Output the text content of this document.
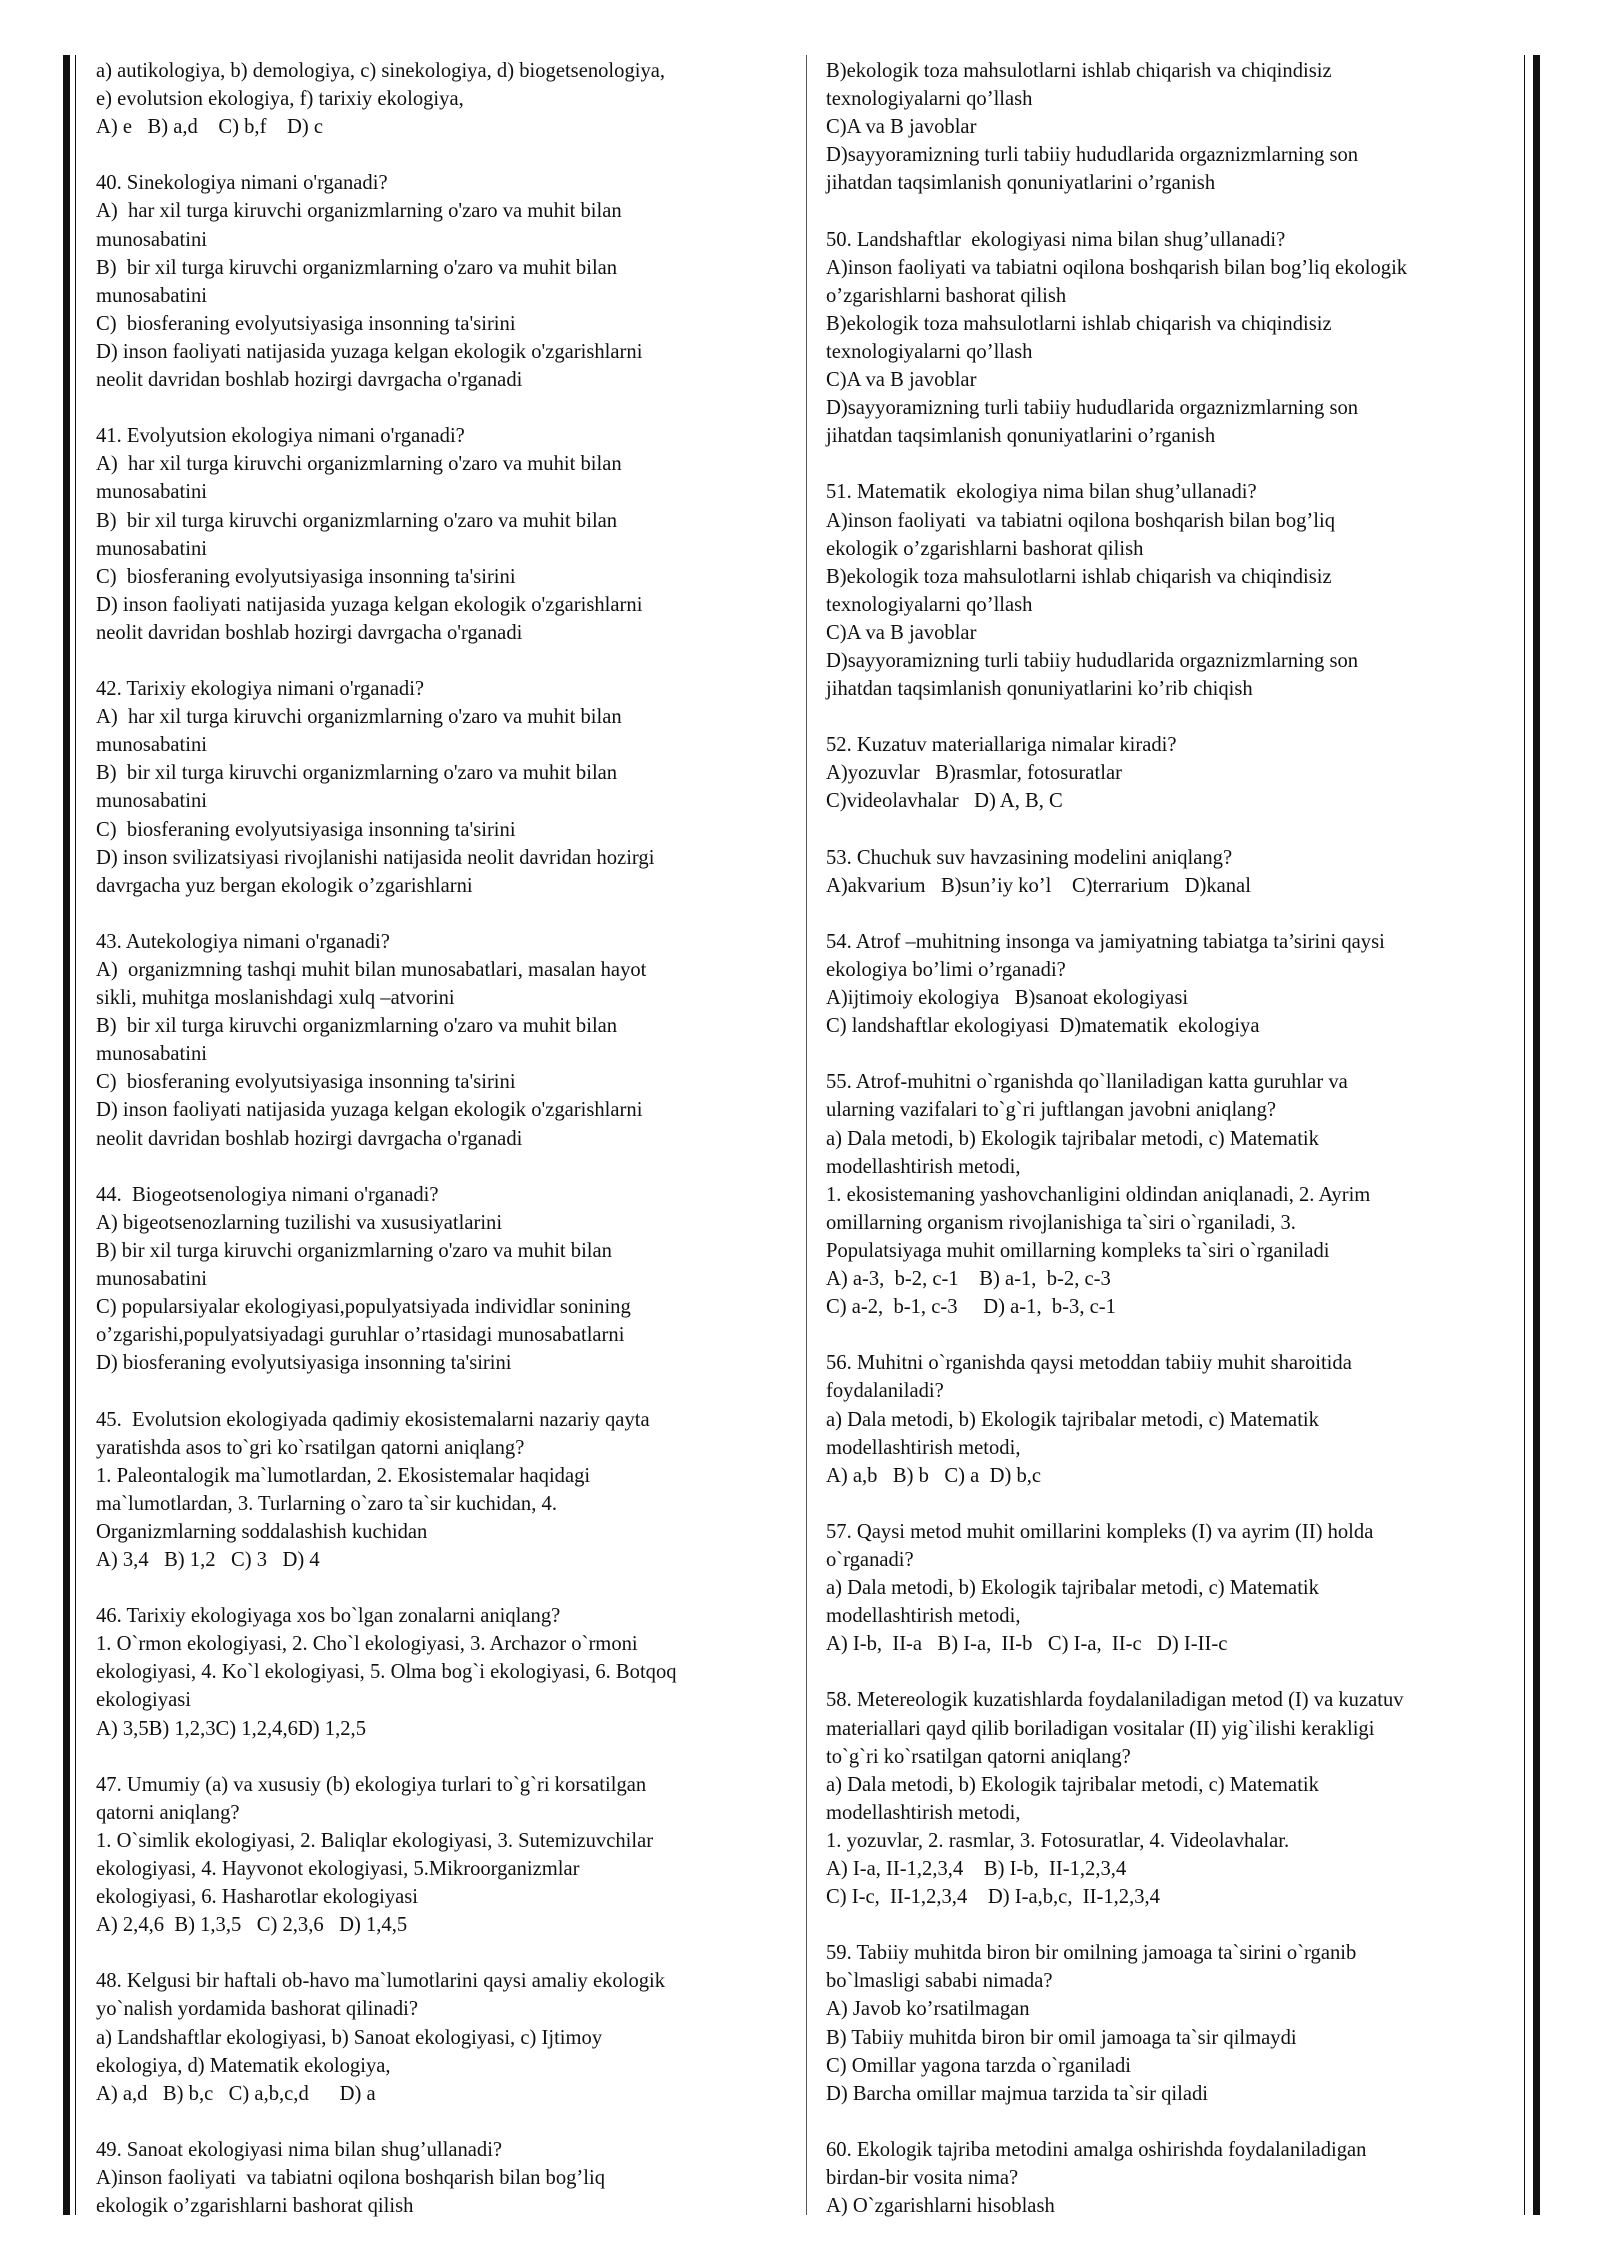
a) autikologiya, b) demologiya, c) sinekologiya, d) biogetsenologiya,
e) evolutsion ekologiya, f) tarixiy ekologiya,
A) e   B) a,d    C) b,f    D) c
40. Sinekologiya nimani o'rganadi?
A)  har xil turga kiruvchi organizmlarning o'zaro va muhit bilan
munosabatini
B)  bir xil turga kiruvchi organizmlarning o'zaro va muhit bilan
munosabatini
C)  biosferaning evolyutsiyasiga insonning ta'sirini
D) inson faoliyati natijasida yuzaga kelgan ekologik o'zgarishlarni
neolit davridan boshlab hozirgi davrgacha o'rganadi
41. Evolyutsion ekologiya nimani o'rganadi?
A)  har xil turga kiruvchi organizmlarning o'zaro va muhit bilan
munosabatini
B)  bir xil turga kiruvchi organizmlarning o'zaro va muhit bilan
munosabatini
C)  biosferaning evolyutsiyasiga insonning ta'sirini
D) inson faoliyati natijasida yuzaga kelgan ekologik o'zgarishlarni
neolit davridan boshlab hozirgi davrgacha o'rganadi
42. Tarixiy ekologiya nimani o'rganadi?
A)  har xil turga kiruvchi organizmlarning o'zaro va muhit bilan
munosabatini
B)  bir xil turga kiruvchi organizmlarning o'zaro va muhit bilan
munosabatini
C)  biosferaning evolyutsiyasiga insonning ta'sirini
D) inson svilizatsiyasi rivojlanishi natijasida neolit davridan hozirgi
davrgacha yuz bergan ekologik o’zgarishlarni
43. Autekologiya nimani o'rganadi?
A)  organizmning tashqi muhit bilan munosabatlari, masalan hayot
sikli, muhitga moslanishdagi xulq –atvorini
B)  bir xil turga kiruvchi organizmlarning o'zaro va muhit bilan
munosabatini
C)  biosferaning evolyutsiyasiga insonning ta'sirini
D) inson faoliyati natijasida yuzaga kelgan ekologik o'zgarishlarni
neolit davridan boshlab hozirgi davrgacha o'rganadi
44.  Biogeotsenologiya nimani o'rganadi?
A) bigeotsenozlarning tuzilishi va xususiyatlarini
B) bir xil turga kiruvchi organizmlarning o'zaro va muhit bilan
munosabatini
C) popularsiyalar ekologiyasi,populyatsiyada individlar sonining
o’zgarishi,populyatsiyadagi guruhlar o’rtasidagi munosabatlarni
D) biosferaning evolyutsiyasiga insonning ta'sirini
45.  Evolutsion ekologiyada qadimiy ekosistemalarni nazariy qayta
yaratishda asos to`gri ko`rsatilgan qatorni aniqlang?
1. Paleontalogik ma`lumotlardan, 2. Ekosistemalar haqidagi
ma`lumotlardan, 3. Turlarning o`zaro ta`sir kuchidan, 4.
Organizmlarning soddalashish kuchidan
A) 3,4   B) 1,2   C) 3   D) 4
46. Tarixiy ekologiyaga xos bo`lgan zonalarni aniqlang?
1. O`rmon ekologiyasi, 2. Cho`l ekologiyasi, 3. Archazor o`rmoni
ekologiyasi, 4. Ko`l ekologiyasi, 5. Olma bog`i ekologiyasi, 6. Botqoq
ekologiyasi
A) 3,5B) 1,2,3C) 1,2,4,6D) 1,2,5
47. Umumiy (a) va xususiy (b) ekologiya turlari to`g`ri korsatilgan
qatorni aniqlang?
1. O`simlik ekologiyasi, 2. Baliqlar ekologiyasi, 3. Sutemizuvchilar
ekologiyasi, 4. Hayvonot ekologiyasi, 5.Mikroorganizmlar
ekologiyasi, 6. Hasharotlar ekologiyasi
A) 2,4,6  B) 1,3,5   C) 2,3,6   D) 1,4,5
48. Kelgusi bir haftali ob-havo ma`lumotlarini qaysi amaliy ekologik
yo`nalish yordamida bashorat qilinadi?
a) Landshaftlar ekologiyasi, b) Sanoat ekologiyasi, c) Ijtimoy
ekologiya, d) Matematik ekologiya,
A) a,d   B) b,c   C) a,b,c,d      D) a
49. Sanoat ekologiyasi nima bilan shug’ullanadi?
A)inson faoliyati  va tabiatni oqilona boshqarish bilan bog’liq
ekologik o’zgarishlarni bashorat qilish
B)ekologik toza mahsulotlarni ishlab chiqarish va chiqindisiz
texnologiyalarni qo’llash
C)A va B javoblar
D)sayyoramizning turli tabiiy hududlarida orgaznizmlarning son
jihatdan taqsimlanish qonuniyatlarini o’rganish
50. Landshaftlar  ekologiyasi nima bilan shug’ullanadi?
A)inson faoliyati va tabiatni oqilona boshqarish bilan bog’liq ekologik
o’zgarishlarni bashorat qilish
B)ekologik toza mahsulotlarni ishlab chiqarish va chiqindisiz
texnologiyalarni qo’llash
C)A va B javoblar
D)sayyoramizning turli tabiiy hududlarida orgaznizmlarning son
jihatdan taqsimlanish qonuniyatlarini o’rganish
51. Matematik  ekologiya nima bilan shug’ullanadi?
A)inson faoliyati  va tabiatni oqilona boshqarish bilan bog’liq
ekologik o’zgarishlarni bashorat qilish
B)ekologik toza mahsulotlarni ishlab chiqarish va chiqindisiz
texnologiyalarni qo’llash
C)A va B javoblar
D)sayyoramizning turli tabiiy hududlarida orgaznizmlarning son
jihatdan taqsimlanish qonuniyatlarini ko’rib chiqish
52. Kuzatuv materiallariga nimalar kiradi?
A)yozuvlar   B)rasmlar, fotosuratlar
C)videolavhalar   D) A, B, C
53. Chuchuk suv havzasining modelini aniqlang?
A)akvarium   B)sun’iy ko’l    C)terrarium   D)kanal
54. Atrof –muhitning insonga va jamiyatning tabiatga ta’sirini qaysi
ekologiya bo’limi o’rganadi?
A)ijtimoiy ekologiya   B)sanoat ekologiyasi
C) landshaftlar ekologiyasi  D)matematik  ekologiya
55. Atrof-muhitni o`rganishda qo`llaniladigan katta guruhlar va
ularning vazifalari to`g`ri juftlangan javobni aniqlang?
a) Dala metodi, b) Ekologik tajribalar metodi, c) Matematik
modellashtirish metodi,
1. ekosistemaning yashovchanligini oldindan aniqlanadi, 2. Ayrim
omillarning organism rivojlanishiga ta`siri o`rganiladi, 3.
Populatsiyaga muhit omillarning kompleks ta`siri o`rganiladi
A) a-3,  b-2, c-1    B) a-1,  b-2, c-3
C) a-2,  b-1, c-3     D) a-1,  b-3, c-1
56. Muhitni o`rganishda qaysi metoddan tabiiy muhit sharoitida
foydalaniladi?
a) Dala metodi, b) Ekologik tajribalar metodi, c) Matematik
modellashtirish metodi,
A) a,b   B) b   C) a  D) b,c
57. Qaysi metod muhit omillarini kompleks (I) va ayrim (II) holda
o`rganadi?
a) Dala metodi, b) Ekologik tajribalar metodi, c) Matematik
modellashtirish metodi,
A) I-b,  II-a   B) I-a,  II-b   C) I-a,  II-c   D) I-II-c
58. Metereologik kuzatishlarda foydalaniladigan metod (I) va kuzatuv
materiallari qayd qilib boriladigan vositalar (II) yig`ilishi kerakligi
to`g`ri ko`rsatilgan qatorni aniqlang?
a) Dala metodi, b) Ekologik tajribalar metodi, c) Matematik
modellashtirish metodi,
1. yozuvlar, 2. rasmlar, 3. Fotosuratlar, 4. Videolavhalar.
A) I-a, II-1,2,3,4    B) I-b,  II-1,2,3,4
C) I-c,  II-1,2,3,4    D) I-a,b,c,  II-1,2,3,4
59. Tabiiy muhitda biron bir omilning jamoaga ta`sirini o`rganib
bo`lmasligi sababi nimada?
A) Javob ko’rsatilmagan
B) Tabiiy muhitda biron bir omil jamoaga ta`sir qilmaydi
C) Omillar yagona tarzda o`rganiladi
D) Barcha omillar majmua tarzida ta`sir qiladi
60. Ekologik tajriba metodini amalga oshirishda foydalaniladigan
birdan-bir vosita nima?
A) O`zgarishlarni hisoblash
